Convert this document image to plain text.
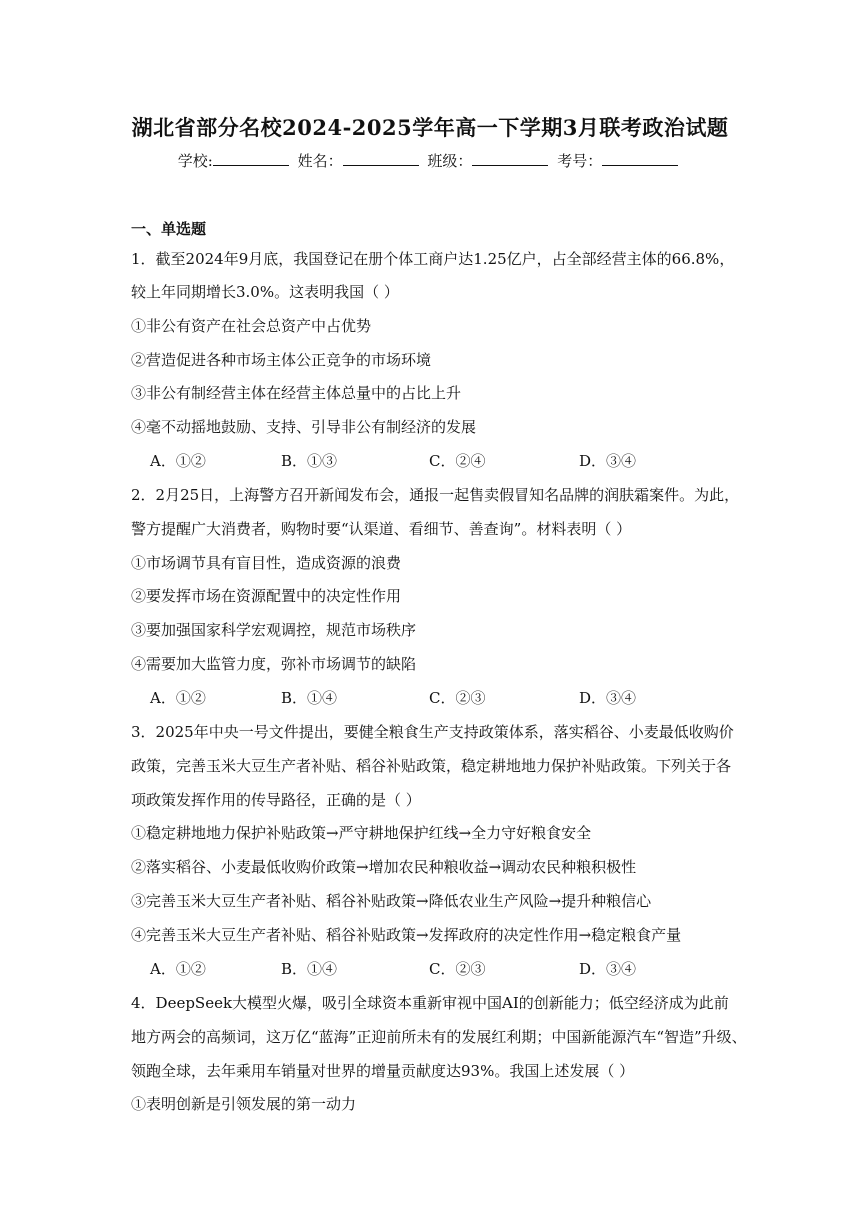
湖北省部分名校2024-2025学年高一下学期3月联考政治试题
学校:	姓名：	班级：	考号：
一、单选题
1．截至2024年9月底，我国登记在册个体工商户达1.25亿户，占全部经营主体的66.8%，
较上年同期增长3.0%。这表明我国（ ）
①非公有资产在社会总资产中占优势
②营造促进各种市场主体公正竞争的市场环境
③非公有制经营主体在经营主体总量中的占比上升
④毫不动摇地鼓励、支持、引导非公有制经济的发展
A．①②	B．①③	C．②④	D．③④
2．2月25日，上海警方召开新闻发布会，通报一起售卖假冒知名品牌的润肤霜案件。为此，
警方提醒广大消费者，购物时要“认渠道、看细节、善查询”。材料表明（ ）
①市场调节具有盲目性，造成资源的浪费
②要发挥市场在资源配置中的决定性作用
③要加强国家科学宏观调控，规范市场秩序
④需要加大监管力度，弥补市场调节的缺陷
A．①②	B．①④	C．②③	D．③④
3．2025年中央一号文件提出，要健全粮食生产支持政策体系，落实稻谷、小麦最低收购价
政策，完善玉米大豆生产者补贴、稻谷补贴政策，稳定耕地地力保护补贴政策。下列关于各
项政策发挥作用的传导路径，正确的是（ ）
①稳定耕地地力保护补贴政策→严守耕地保护红线→全力守好粮食安全
②落实稻谷、小麦最低收购价政策→增加农民种粮收益→调动农民种粮积极性
③完善玉米大豆生产者补贴、稻谷补贴政策→降低农业生产风险→提升种粮信心
④完善玉米大豆生产者补贴、稻谷补贴政策→发挥政府的决定性作用→稳定粮食产量
A．①②	B．①④	C．②③	D．③④
4．DeepSeek大模型火爆，吸引全球资本重新审视中国AI的创新能力；低空经济成为此前
地方两会的高频词，这万亿“蓝海”正迎前所未有的发展红利期；中国新能源汽车“智造”升级、
领跑全球，去年乘用车销量对世界的增量贡献度达93%。我国上述发展（ ）
①表明创新是引领发展的第一动力
